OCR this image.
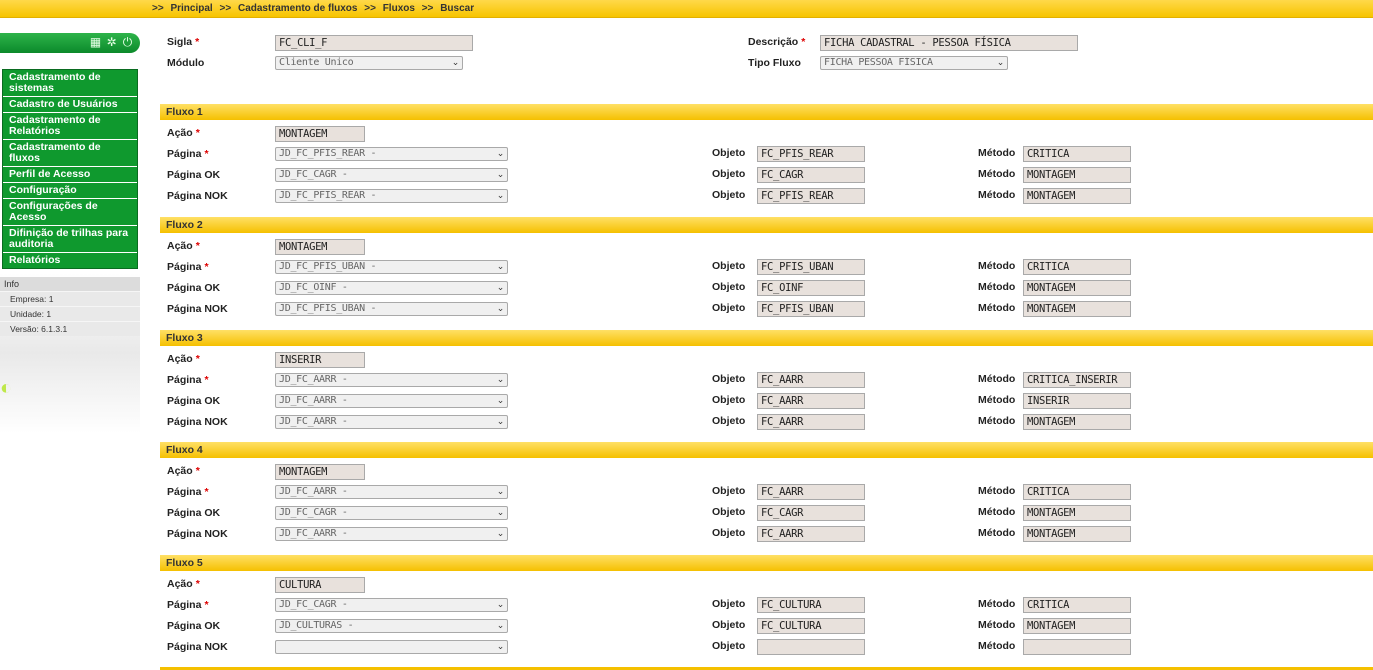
>> Principal >> Cadastramento de fluxos >> Fluxos >> Buscar
▦ ✲ ⏻
Cadastramento de sistemas
Cadastro de Usuários
Cadastramento de Relatórios
Cadastramento de fluxos
Perfil de Acesso
Configuração
Configurações de Acesso
Difinição de trilhas para auditoria
Relatórios
Info
Empresa: 1
Unidade: 1
Versão: 6.1.3.1
◐
Sigla *	FC_CLI_F
Módulo	Cliente Único	⌄
Descrição *	FICHA CADASTRAL - PESSOA FÍSICA
Tipo Fluxo	FICHA PESSOA FÍSICA	⌄
Fluxo 1
Ação *	MONTAGEM
Página *	JD_FC_PFIS_REAR -	⌄	Objeto	FC_PFIS_REAR	Método	CRITICA
Página OK	JD_FC_CAGR -	⌄	Objeto	FC_CAGR	Método	MONTAGEM
Página NOK	JD_FC_PFIS_REAR -	⌄	Objeto	FC_PFIS_REAR	Método	MONTAGEM
Fluxo 2
Ação *	MONTAGEM
Página *	JD_FC_PFIS_UBAN -	⌄	Objeto	FC_PFIS_UBAN	Método	CRITICA
Página OK	JD_FC_OINF -	⌄	Objeto	FC_OINF	Método	MONTAGEM
Página NOK	JD_FC_PFIS_UBAN -	⌄	Objeto	FC_PFIS_UBAN	Método	MONTAGEM
Fluxo 3
Ação *	INSERIR
Página *	JD_FC_AARR -	⌄	Objeto	FC_AARR	Método	CRITICA_INSERIR
Página OK	JD_FC_AARR -	⌄	Objeto	FC_AARR	Método	INSERIR
Página NOK	JD_FC_AARR -	⌄	Objeto	FC_AARR	Método	MONTAGEM
Fluxo 4
Ação *	MONTAGEM
Página *	JD_FC_AARR -	⌄	Objeto	FC_AARR	Método	CRITICA
Página OK	JD_FC_CAGR -	⌄	Objeto	FC_CAGR	Método	MONTAGEM
Página NOK	JD_FC_AARR -	⌄	Objeto	FC_AARR	Método	MONTAGEM
Fluxo 5
Ação *	CULTURA
Página *	JD_FC_CAGR -	⌄	Objeto	FC_CULTURA	Método	CRITICA
Página OK	JD_CULTURAS -	⌄	Objeto	FC_CULTURA	Método	MONTAGEM
Página NOK	⌄	Objeto	Método
